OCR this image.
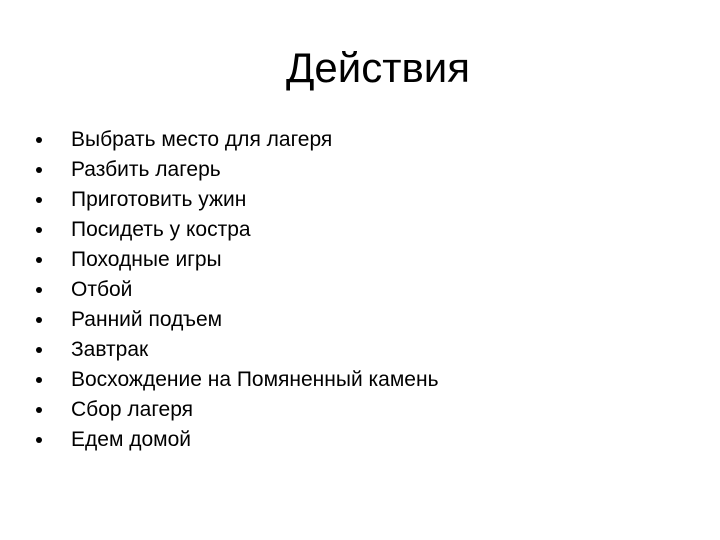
Действия
Выбрать место для лагеря
Разбить лагерь
Приготовить ужин
Посидеть у костра
Походные игры
Отбой
Ранний подъем
Завтрак
Восхождение на Помяненный камень
Сбор лагеря
Едем домой
